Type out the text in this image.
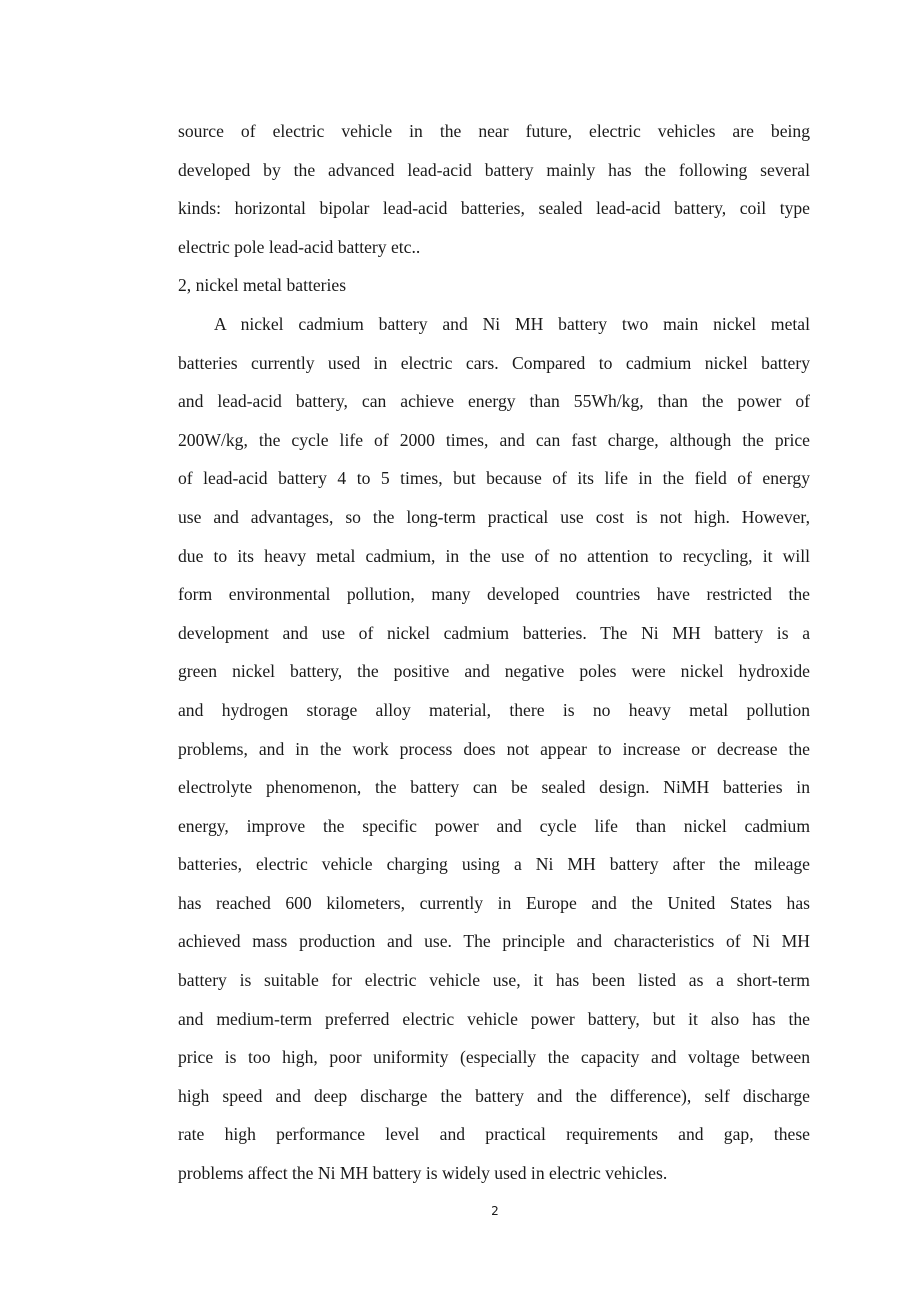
source of electric vehicle in the near future, electric vehicles are being
developed by the advanced lead-acid battery mainly has the following several
kinds: horizontal bipolar lead-acid batteries, sealed lead-acid battery, coil type
electric pole lead-acid battery etc..
2, nickel metal batteries
A nickel cadmium battery and Ni MH battery two main nickel metal
batteries currently used in electric cars. Compared to cadmium nickel battery
and lead-acid battery, can achieve energy than 55Wh/kg, than the power of
200W/kg, the cycle life of 2000 times, and can fast charge, although the price
of lead-acid battery 4 to 5 times, but because of its life in the field of energy
use and advantages, so the long-term practical use cost is not high. However,
due to its heavy metal cadmium, in the use of no attention to recycling, it will
form environmental pollution, many developed countries have restricted the
development and use of nickel cadmium batteries. The Ni MH battery is a
green nickel battery, the positive and negative poles were nickel hydroxide
and hydrogen storage alloy material, there is no heavy metal pollution
problems, and in the work process does not appear to increase or decrease the
electrolyte phenomenon, the battery can be sealed design. NiMH batteries in
energy, improve the specific power and cycle life than nickel cadmium
batteries, electric vehicle charging using a Ni MH battery after the mileage
has reached 600 kilometers, currently in Europe and the United States has
achieved mass production and use. The principle and characteristics of Ni MH
battery is suitable for electric vehicle use, it has been listed as a short-term
and medium-term preferred electric vehicle power battery, but it also has the
price is too high, poor uniformity (especially the capacity and voltage between
high speed and deep discharge the battery and the difference), self discharge
rate high performance level and practical requirements and gap, these
problems affect the Ni MH battery is widely used in electric vehicles.
2
